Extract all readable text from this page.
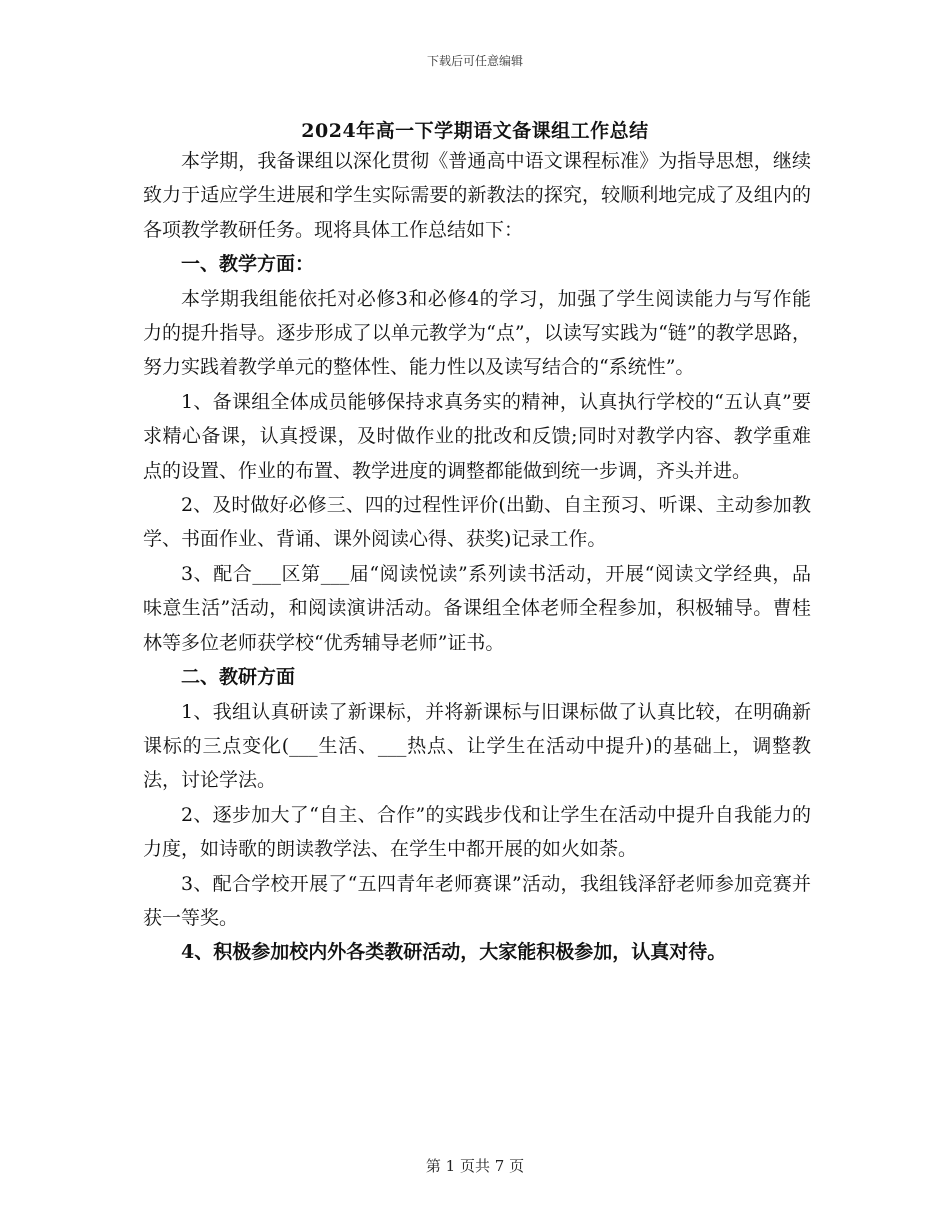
下载后可任意编辑
2024年高一下学期语文备课组工作总结

本学期，我备课组以深化贯彻《普通高中语文课程标准》为指导思想，继续致力于适应学生进展和学生实际需要的新教法的探究，较顺利地完成了及组内的各项教学教研任务。现将具体工作总结如下：

一、教学方面：

本学期我组能依托对必修3和必修4的学习，加强了学生阅读能力与写作能力的提升指导。逐步形成了以单元教学为“点”，以读写实践为“链”的教学思路，努力实践着教学单元的整体性、能力性以及读写结合的“系统性”。

1、备课组全体成员能够保持求真务实的精神，认真执行学校的“五认真”要求精心备课，认真授课，及时做作业的批改和反馈;同时对教学内容、教学重难点的设置、作业的布置、教学进度的调整都能做到统一步调，齐头并进。

2、及时做好必修三、四的过程性评价(出勤、自主预习、听课、主动参加教学、书面作业、背诵、课外阅读心得、获奖)记录工作。

3、配合___区第___届“阅读悦读”系列读书活动，开展“阅读文学经典，品味意生活”活动，和阅读演讲活动。备课组全体老师全程参加，积极辅导。曹桂林等多位老师获学校“优秀辅导老师”证书。

二、教研方面

1、我组认真研读了新课标，并将新课标与旧课标做了认真比较，在明确新课标的三点变化(___生活、___热点、让学生在活动中提升)的基础上，调整教法，讨论学法。

2、逐步加大了“自主、合作”的实践步伐和让学生在活动中提升自我能力的力度，如诗歌的朗读教学法、在学生中都开展的如火如荼。

3、配合学校开展了“五四青年老师赛课”活动，我组钱泽舒老师参加竞赛并获一等奖。

4、积极参加校内外各类教研活动，大家能积极参加，认真对待。

第 1 页共 7 页
